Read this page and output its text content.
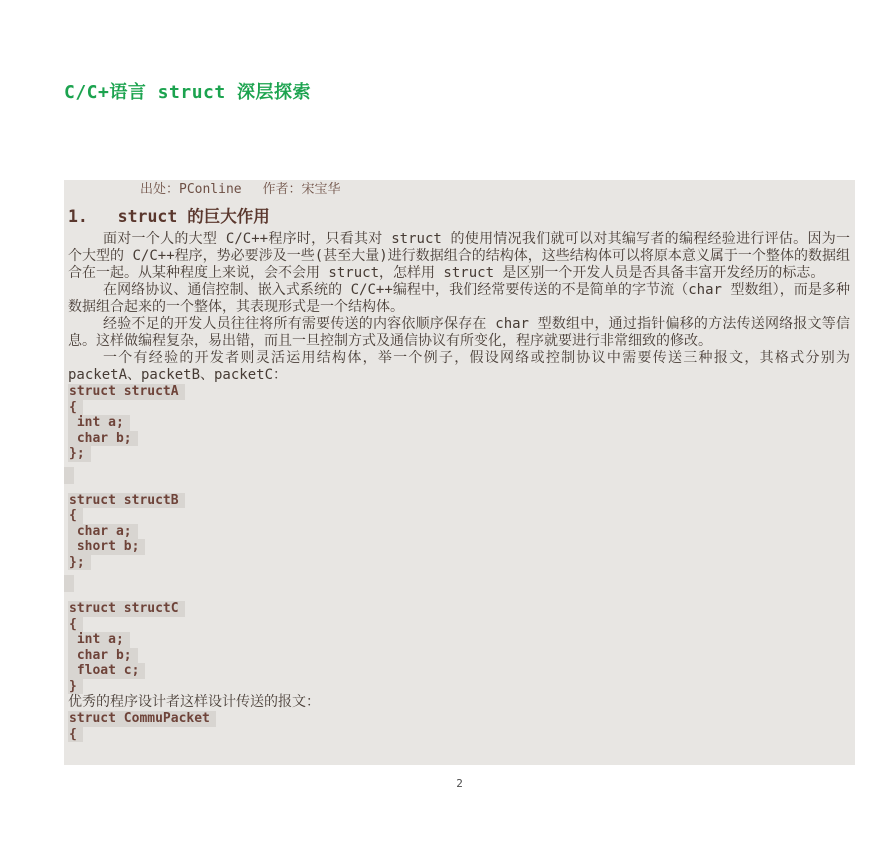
C/C+语言 struct 深层探索
出处：PConline　 作者：宋宝华
1.   struct 的巨大作用

面对一个人的大型 C/C++程序时，只看其对 struct 的使用情况我们就可以对其编写者的编程经验进行评估。因为一个大型的 C/C++程序，势必要涉及一些(甚至大量)进行数据组合的结构体，这些结构体可以将原本意义属于一个整体的数据组合在一起。从某种程度上来说，会不会用 struct，怎样用 struct 是区别一个开发人员是否具备丰富开发经历的标志。

在网络协议、通信控制、嵌入式系统的 C/C++编程中，我们经常要传送的不是简单的字节流（char 型数组），而是多种数据组合起来的一个整体，其表现形式是一个结构体。

经验不足的开发人员往往将所有需要传送的内容依顺序保存在 char 型数组中，通过指针偏移的方法传送网络报文等信息。这样做编程复杂，易出错，而且一旦控制方式及通信协议有所变化，程序就要进行非常细致的修改。

一个有经验的开发者则灵活运用结构体，举一个例子，假设网络或控制协议中需要传送三种报文，其格式分别为 packetA、packetB、packetC：

struct structA
{
int a;
char b;
};
struct structB
{
char a;
short b;
};
struct structC
{
int a;
char b;
float c;
}

优秀的程序设计者这样设计传送的报文：

struct CommuPacket
{
2
